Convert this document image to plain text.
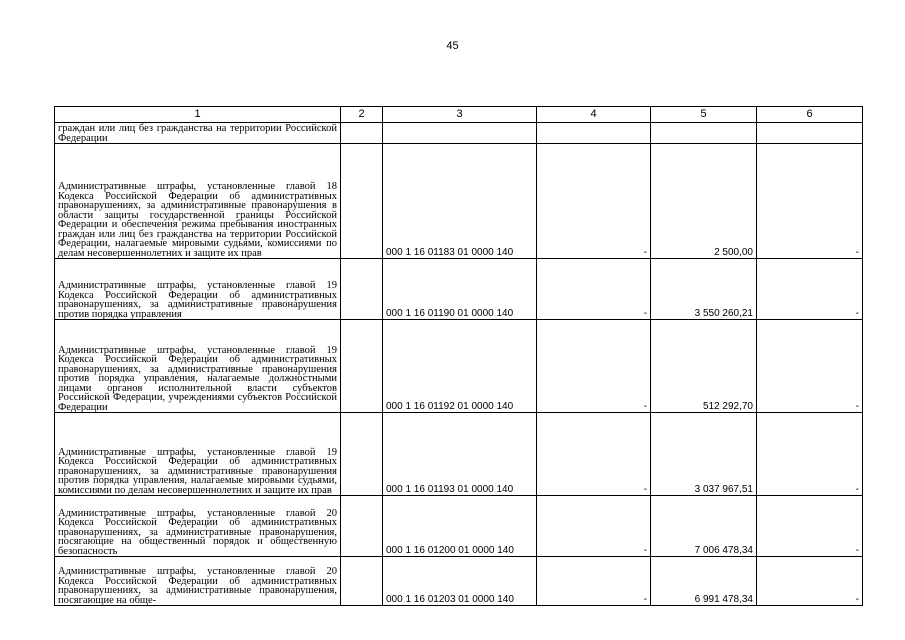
45
1	2	3	4	5	6
граждан или лиц без гражданства на территории Российской Федерации					
Административные штрафы, установленные главой 18 Кодекса Российской Федерации об административных правонарушениях, за административные правонарушения в области защиты государственной границы Российской Федерации и обеспечения режима пребывания иностранных граждан или лиц без гражданства на территории Российской Федерации, налагаемые мировыми судьями, комиссиями по делам несовершеннолетних и защите их прав		000 1 16 01183 01 0000 140	-	2 500,00	-
Административные штрафы, установленные главой 19 Кодекса Российской Федерации об административных правонарушениях, за административные правонарушения против порядка управления		000 1 16 01190 01 0000 140	-	3 550 260,21	-
Административные штрафы, установленные главой 19 Кодекса Российской Федерации об административных правонарушениях, за административные правонарушения против порядка управления, налагаемые должностными лицами органов исполнительной власти субъектов Российской Федерации, учреждениями субъектов Российской Федерации		000 1 16 01192 01 0000 140	-	512 292,70	-
Административные штрафы, установленные главой 19 Кодекса Российской Федерации об административных правонарушениях, за административные правонарушения против порядка управления, налагаемые мировыми судьями, комиссиями по делам несовершеннолетних и защите их прав		000 1 16 01193 01 0000 140	-	3 037 967,51	-
Административные штрафы, установленные главой 20 Кодекса Российской Федерации об административных правонарушениях, за административные правонарушения, посягающие на общественный порядок и общественную безопасность		000 1 16 01200 01 0000 140	-	7 006 478,34	-
Административные штрафы, установленные главой 20 Кодекса Российской Федерации об административных правонарушениях, за административные правонарушения, посягающие на обще-		000 1 16 01203 01 0000 140	-	6 991 478,34	-
